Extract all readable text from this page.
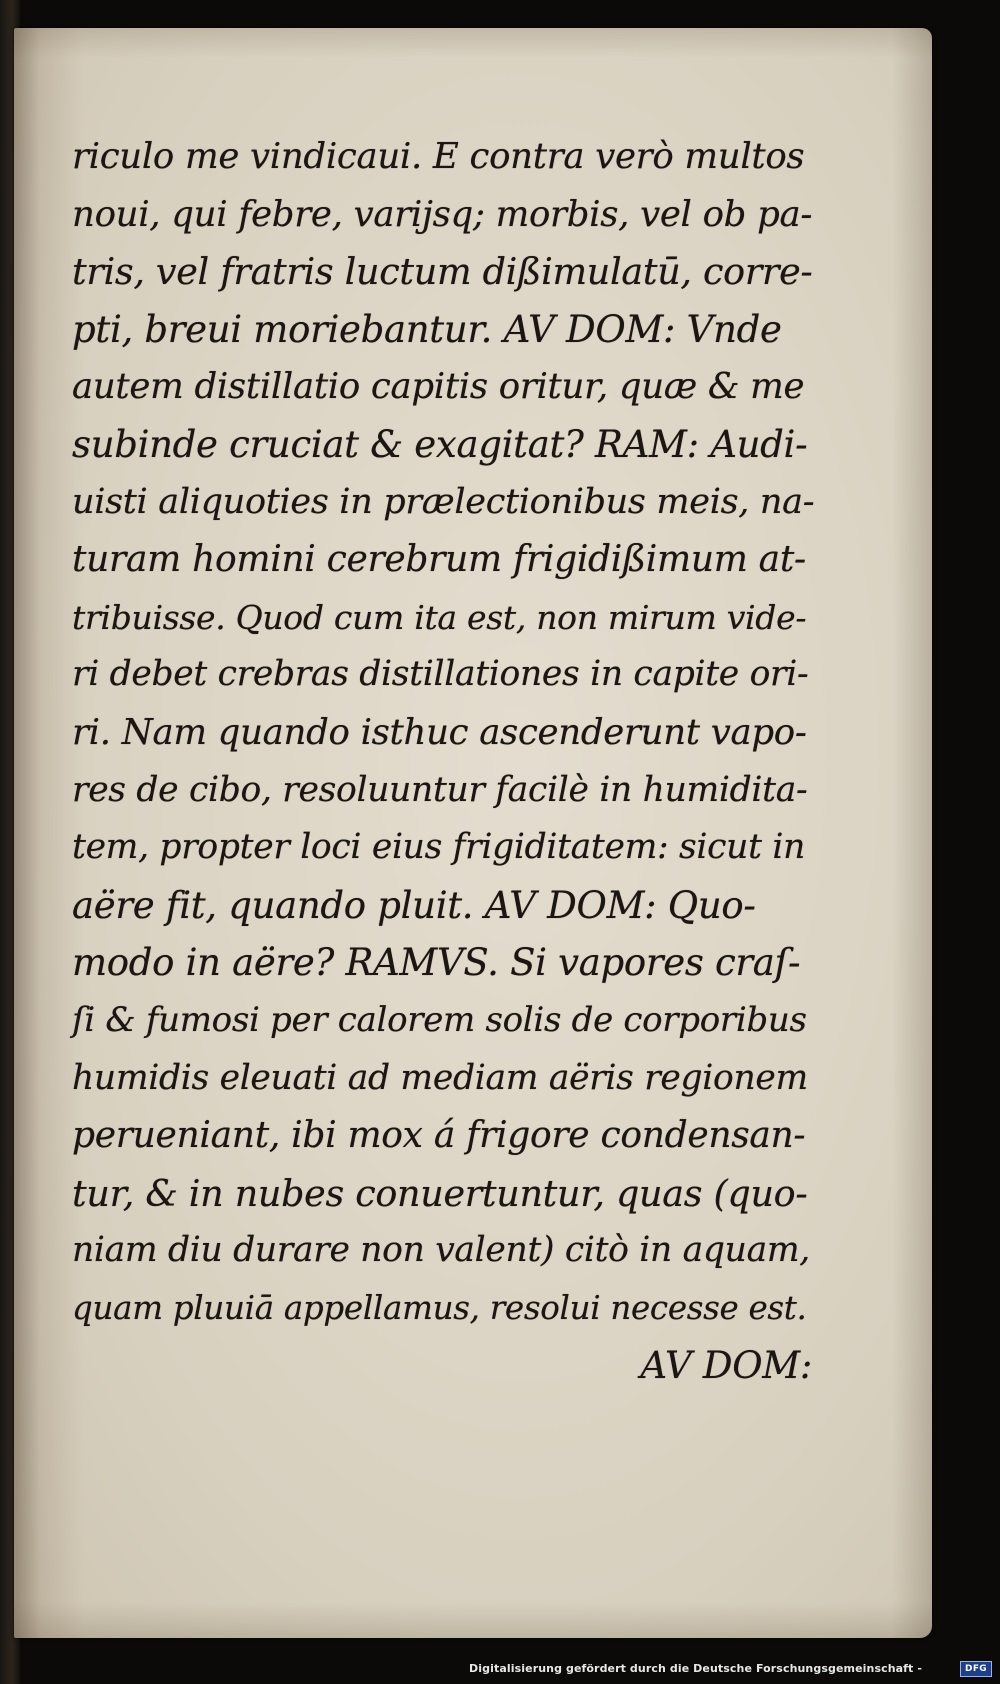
riculo me vindicaui. E contra verò multos
noui, qui febre, varijsq; morbis, vel ob pa-
tris, vel fratris luctum dißimulatū, corre-
pti, breui moriebantur. AV DOM: Vnde
autem distillatio capitis oritur, quæ & me
subinde cruciat & exagitat? RAM: Audi-
uisti aliquoties in prælectionibus meis, na-
turam homini cerebrum frigidißimum at-
tribuisse. Quod cum ita est, non mirum vide-
ri debet crebras distillationes in capite ori-
ri. Nam quando isthuc ascenderunt vapo-
res de cibo, resoluuntur facilè in humidita-
tem, propter loci eius frigiditatem: sicut in
aëre fit, quando pluit. AV DOM: Quo-
modo in aëre? RAMVS. Si vapores craſ-
ſi & fumosi per calorem solis de corporibus
humidis eleuati ad mediam aëris regionem
perueniant, ibi mox á frigore condensan-
tur, & in nubes conuertuntur, quas (quo-
niam diu durare non valent) citò in aquam,
quam pluuiā appellamus, resolui necesse est.
AV DOM:
Digitalisierung gefördert durch die Deutsche Forschungsgemeinschaft -	DFG
